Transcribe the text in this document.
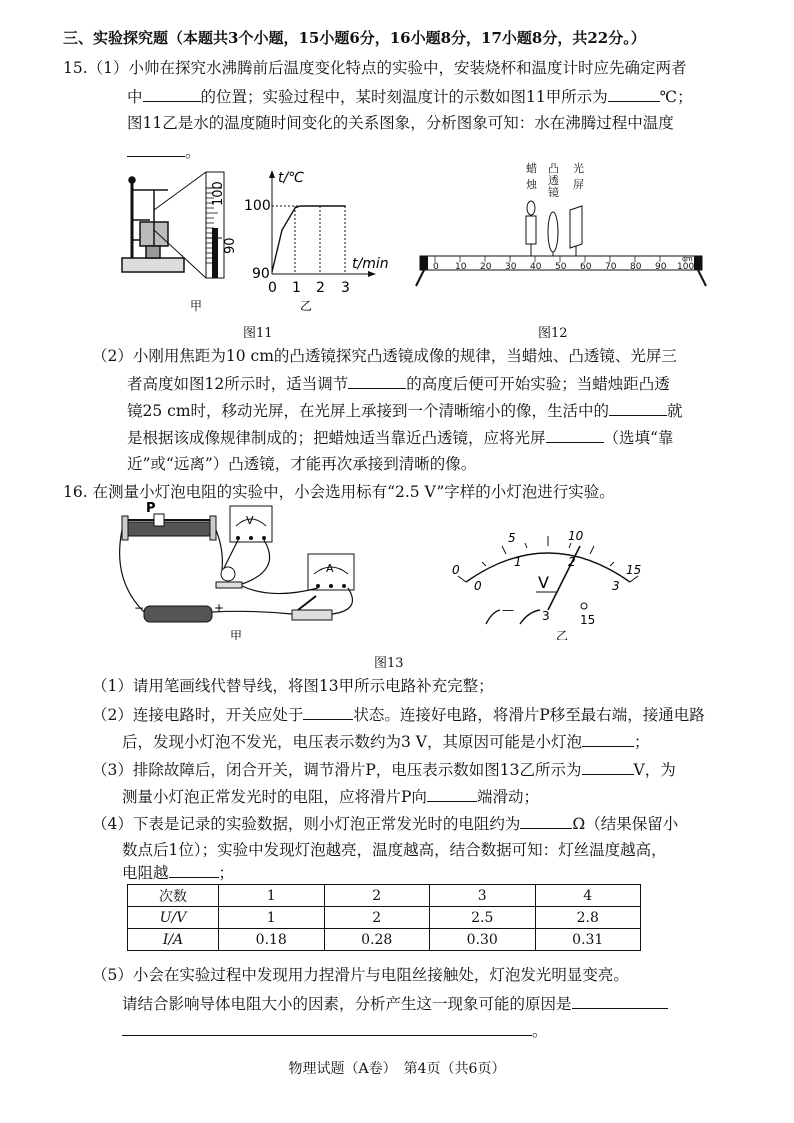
三、实验探究题（本题共3个小题，15小题6分，16小题8分，17小题8分，共22分。）
15.（1）小帅在探究水沸腾前后温度变化特点的实验中，安装烧杯和温度计时应先确定两者
中	的位置；实验过程中，某时刻温度计的示数如图11甲所示为	℃；
图11乙是水的温度随时间变化的关系图象，分析图象可知：水在沸腾过程中温度
。
100
90
t/℃
t/min
100
90
0 1 2 3
甲	乙
图11
蜡
烛
凸
透
镜
光
屏
0 10 20 30 40 50 60 70 80 90 100
cm
图12
（2）小刚用焦距为10 cm的凸透镜探究凸透镜成像的规律，当蜡烛、凸透镜、光屏三
者高度如图12所示时，适当调节	的高度后便可开始实验；当蜡烛距凸透
镜25 cm时，移动光屏，在光屏上承接到一个清晰缩小的像，生活中的	就
是根据该成像规律制成的；把蜡烛适当靠近凸透镜，应将光屏	（选填“靠
近”或“远离”）凸透镜，才能再次承接到清晰的像。
16. 在测量小灯泡电阻的实验中，小会选用标有“2.5 V”字样的小灯泡进行实验。
P
V
A
−	+
甲
0
5	10
15
0
1	2
3
V
— 3	15
乙
图13
（1）请用笔画线代替导线，将图13甲所示电路补充完整；
（2）连接电路时，开关应处于	状态。连接好电路，将滑片P移至最右端，接通电路
后，发现小灯泡不发光，电压表示数约为3 V，其原因可能是小灯泡	；
（3）排除故障后，闭合开关，调节滑片P，电压表示数如图13乙所示为	V，为
测量小灯泡正常发光时的电阻，应将滑片P向	端滑动；
（4）下表是记录的实验数据，则小灯泡正常发光时的电阻约为	Ω（结果保留小
数点后1位）；实验中发现灯泡越亮，温度越高，结合数据可知：灯丝温度越高，
电阻越	；
次数	1	2	3	4
U/V	1	2	2.5	2.8
I/A	0.18	0.28	0.30	0.31
（5）小会在实验过程中发现用力捏滑片与电阻丝接触处，灯泡发光明显变亮。
请结合影响导体电阻大小的因素，分析产生这一现象可能的原因是
。
物理试题（A卷）　第4页（共6页）
